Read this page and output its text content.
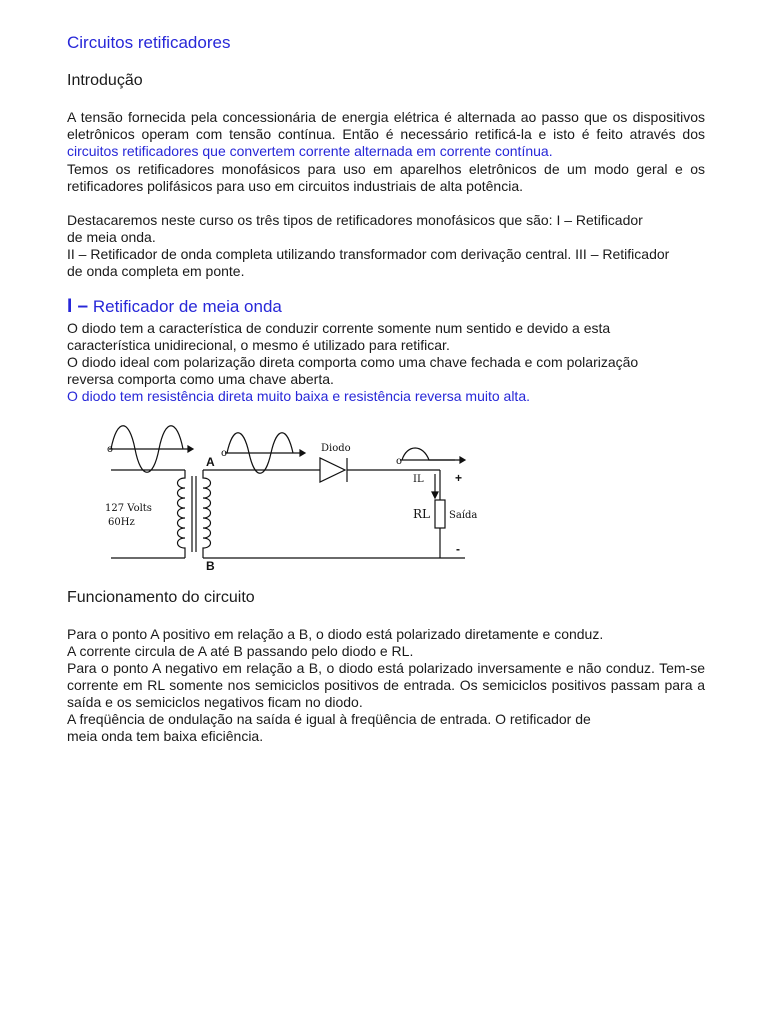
Circuitos retificadores
Introdução

A tensão fornecida pela concessionária de energia elétrica é alternada ao passo que os dispositivos eletrônicos operam com tensão contínua. Então é necessário retificá-la e isto é feito através dos circuitos retificadores que convertem corrente alternada em corrente contínua.

Temos os retificadores monofásicos para uso em aparelhos eletrônicos de um modo geral e os retificadores polifásicos para uso em circuitos industriais de alta potência.

Destacaremos neste curso os três tipos de retificadores monofásicos que são: I – Retificador
de meia onda.
II – Retificador de onda completa utilizando transformador com derivação central. III – Retificador
de onda completa em ponte.
I – Retificador de meia onda
O diodo tem a característica de conduzir corrente somente num sentido e devido a esta
característica unidirecional, o mesmo é utilizado para retificar.
O diodo ideal com polarização direta comporta como uma chave fechada e com polarização
reversa comporta como uma chave aberta.
O diodo tem resistência direta muito baixa e resistência reversa muito alta.
o	o
o
127 Volts
60Hz
A
B
Diodo
IL
RL Saída
+
-
Funcionamento do circuito
Para o ponto A positivo em relação a B, o diodo está polarizado diretamente e conduz.
A corrente circula de A até B passando pelo diodo e RL.
Para o ponto A negativo em relação a B, o diodo está polarizado inversamente e não conduz. Tem-se corrente em RL somente nos semiciclos positivos de entrada. Os semiciclos positivos passam para a saída e os semiciclos negativos ficam no diodo.
A freqüência de ondulação na saída é igual à freqüência de entrada. O retificador de
meia onda tem baixa eficiência.
